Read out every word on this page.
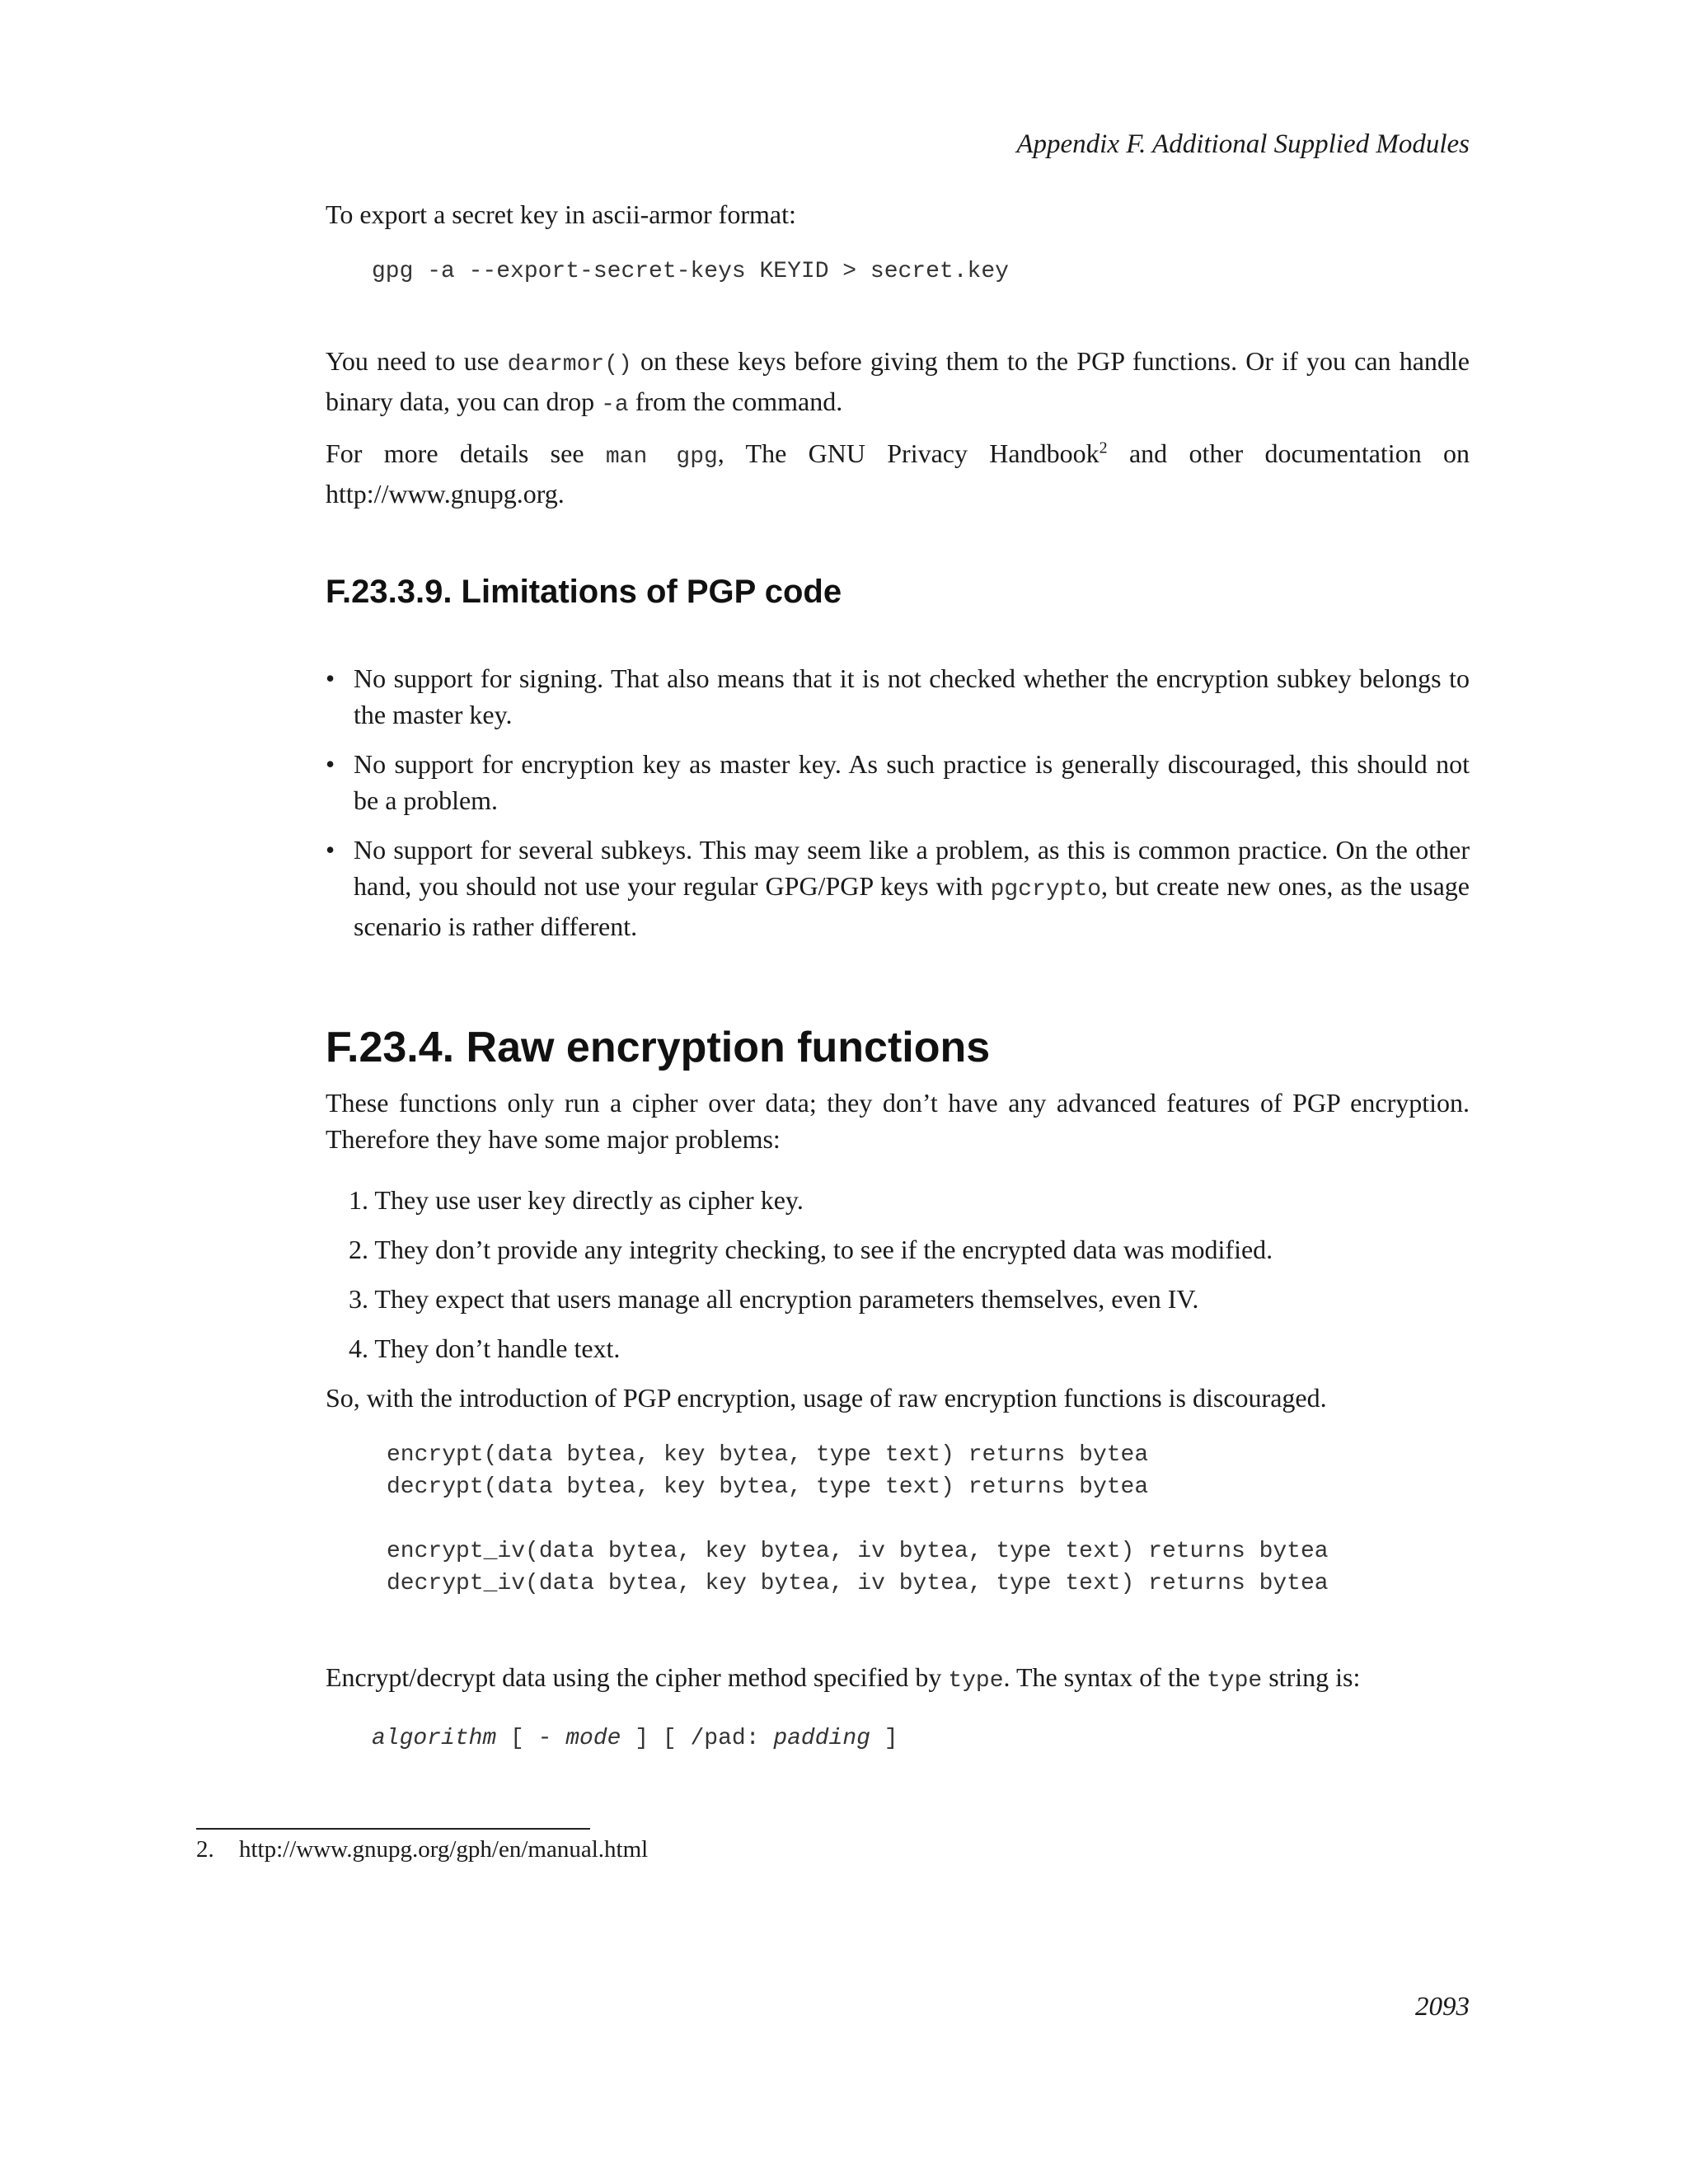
Appendix F. Additional Supplied Modules

To export a secret key in ascii-armor format:

gpg -a --export-secret-keys KEYID > secret.key

You need to use dearmor() on these keys before giving them to the PGP functions. Or if you can handle binary data, you can drop -a from the command.

For more details see man gpg, The GNU Privacy Handbook$^2$ and other documentation on http://www.gnupg.org.

F.23.3.9. Limitations of PGP code
• No support for signing. That also means that it is not checked whether the encryption subkey belongs to the master key.
• No support for encryption key as master key. As such practice is generally discouraged, this should not be a problem.
• No support for several subkeys. This may seem like a problem, as this is common practice. On the other hand, you should not use your regular GPG/PGP keys with pgcrypto, but create new ones, as the usage scenario is rather different.
F.23.4. Raw encryption functions

These functions only run a cipher over data; they don’t have any advanced features of PGP encryption. Therefore they have some major problems:

1. They use user key directly as cipher key.
2. They don’t provide any integrity checking, to see if the encrypted data was modified.
3. They expect that users manage all encryption parameters themselves, even IV.
4. They don’t handle text.

So, with the introduction of PGP encryption, usage of raw encryption functions is discouraged.

encrypt(data bytea, key bytea, type text) returns bytea
decrypt(data bytea, key bytea, type text) returns bytea

encrypt_iv(data bytea, key bytea, iv bytea, type text) returns bytea
decrypt_iv(data bytea, key bytea, iv bytea, type text) returns bytea

Encrypt/decrypt data using the cipher method specified by type. The syntax of the type string is:

algorithm [ - mode ] [ /pad: padding ]
2. http://www.gnupg.org/gph/en/manual.html
2093
